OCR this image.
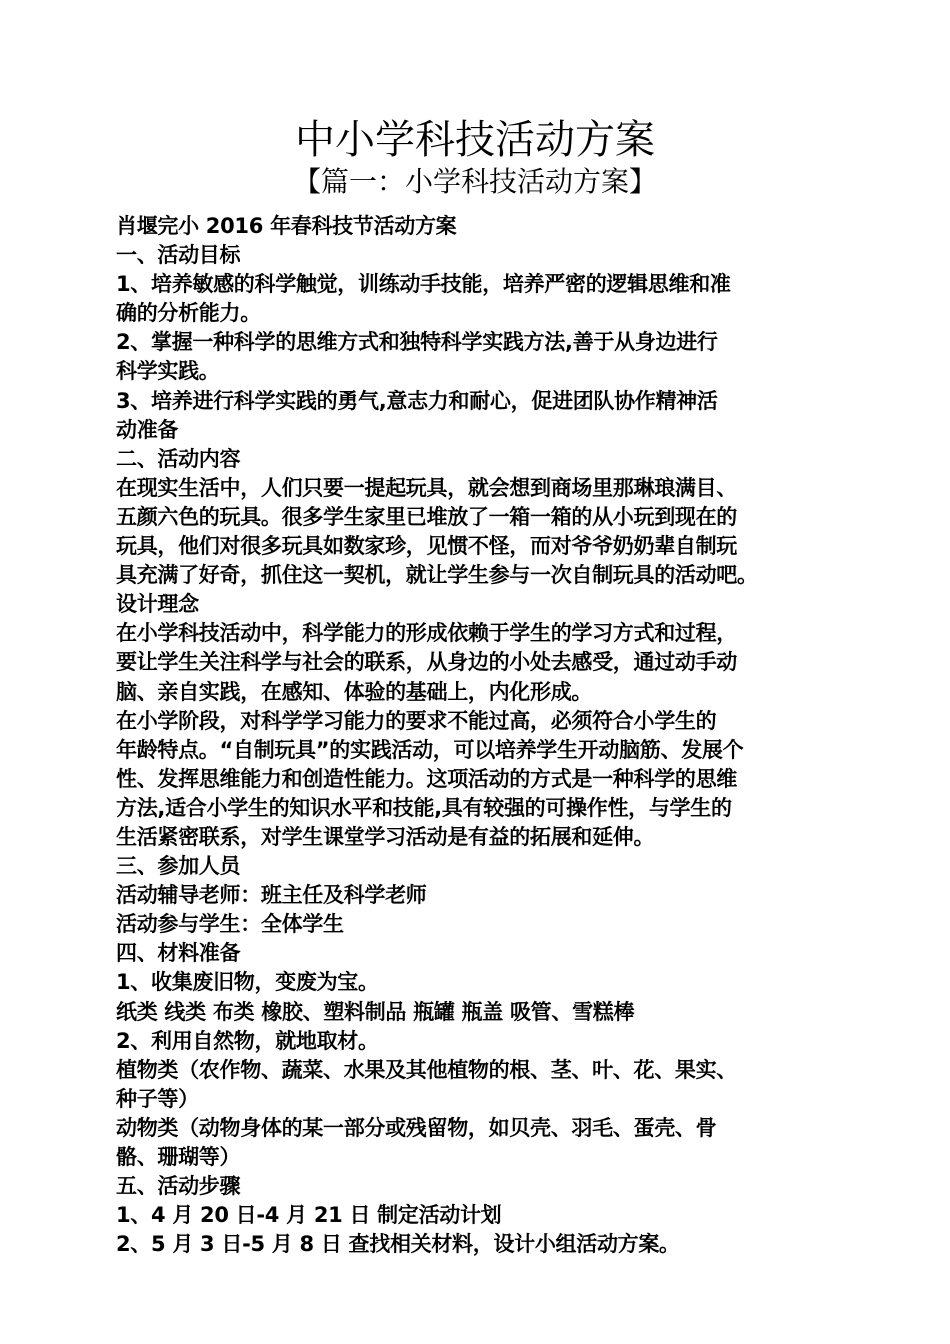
中小学科技活动方案
【篇一：小学科技活动方案】
肖堰完小 2016 年春科技节活动方案
一、活动目标
1、培养敏感的科学触觉，训练动手技能，培养严密的逻辑思维和准
确的分析能力。
2、掌握一种科学的思维方式和独特科学实践方法,善于从身边进行
科学实践。
3、培养进行科学实践的勇气,意志力和耐心，促进团队协作精神活
动准备
二、活动内容
在现实生活中，人们只要一提起玩具，就会想到商场里那琳琅满目、
五颜六色的玩具。很多学生家里已堆放了一箱一箱的从小玩到现在的
玩具，他们对很多玩具如数家珍，见惯不怪，而对爷爷奶奶辈自制玩
具充满了好奇，抓住这一契机，就让学生参与一次自制玩具的活动吧。
设计理念
在小学科技活动中，科学能力的形成依赖于学生的学习方式和过程，
要让学生关注科学与社会的联系，从身边的小处去感受，通过动手动
脑、亲自实践，在感知、体验的基础上，内化形成。
在小学阶段，对科学学习能力的要求不能过高，必须符合小学生的
年龄特点。“自制玩具”的实践活动，可以培养学生开动脑筋、发展个
性、发挥思维能力和创造性能力。这项活动的方式是一种科学的思维
方法,适合小学生的知识水平和技能,具有较强的可操作性，与学生的
生活紧密联系，对学生课堂学习活动是有益的拓展和延伸。
三、参加人员
活动辅导老师：班主任及科学老师
活动参与学生：全体学生
四、材料准备
1、收集废旧物，变废为宝。
纸类 线类 布类 橡胶、塑料制品 瓶罐 瓶盖 吸管、雪糕棒
2、利用自然物，就地取材。
植物类（农作物、蔬菜、水果及其他植物的根、茎、叶、花、果实、
种子等）
动物类（动物身体的某一部分或残留物，如贝壳、羽毛、蛋壳、骨
骼、珊瑚等）
五、活动步骤
1、4 月 20 日-4 月 21 日 制定活动计划
2、5 月 3 日-5 月 8 日 查找相关材料，设计小组活动方案。
